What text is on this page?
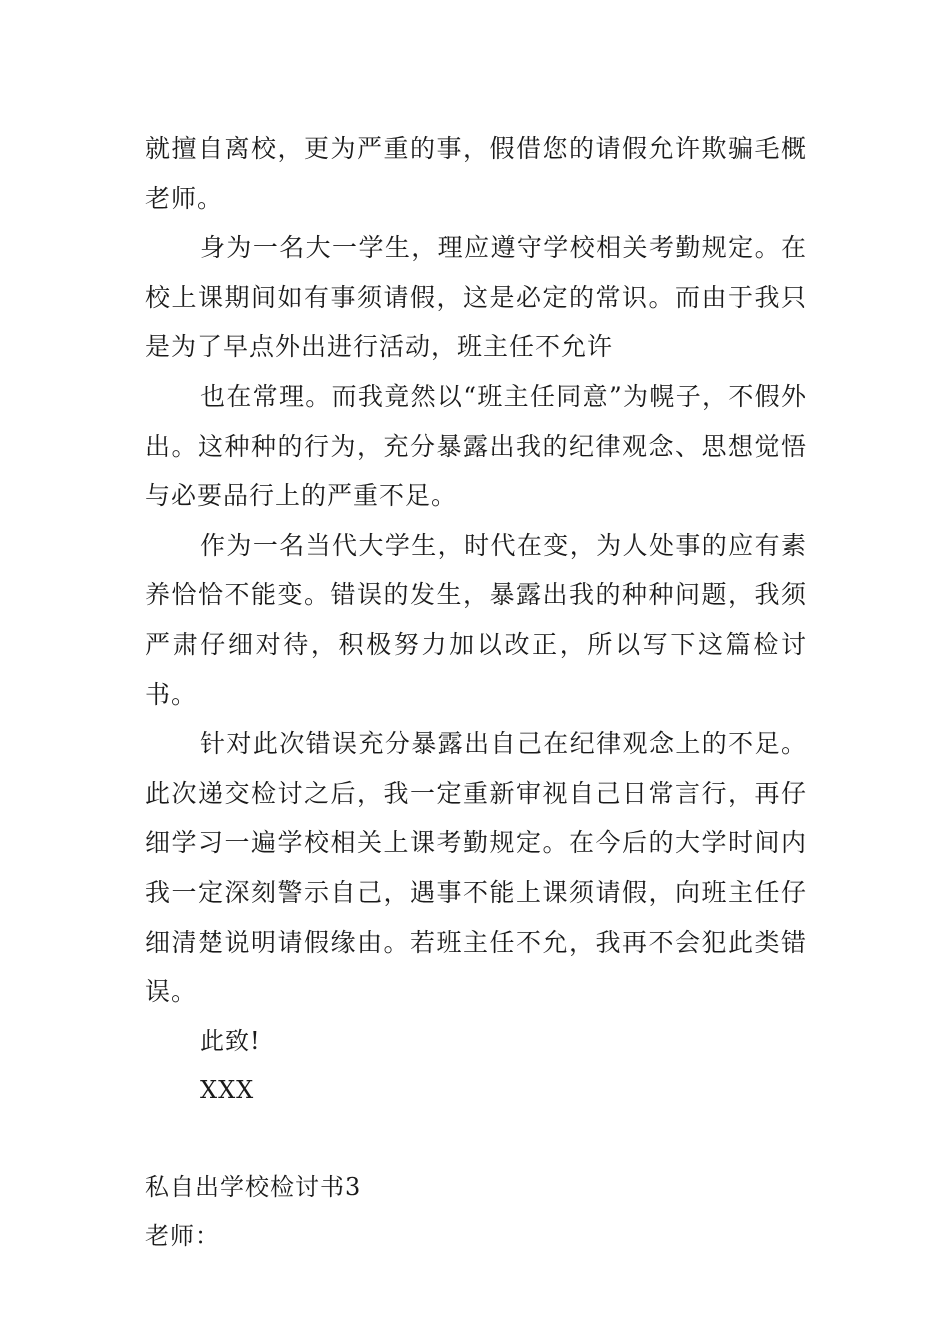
就擅自离校，更为严重的事，假借您的请假允许欺骗毛概老师。

身为一名大一学生，理应遵守学校相关考勤规定。在校上课期间如有事须请假，这是必定的常识。而由于我只是为了早点外出进行活动，班主任不允许

也在常理。而我竟然以“班主任同意”为幌子，不假外出。这种种的行为，充分暴露出我的纪律观念、思想觉悟与必要品行上的严重不足。

作为一名当代大学生，时代在变，为人处事的应有素养恰恰不能变。错误的发生，暴露出我的种种问题，我须严肃仔细对待，积极努力加以改正，所以写下这篇检讨书。

针对此次错误充分暴露出自己在纪律观念上的不足。此次递交检讨之后，我一定重新审视自己日常言行，再仔细学习一遍学校相关上课考勤规定。在今后的大学时间内我一定深刻警示自己，遇事不能上课须请假，向班主任仔细清楚说明请假缘由。若班主任不允，我再不会犯此类错误。

此致!

XXX

私自出学校检讨书3

老师：
